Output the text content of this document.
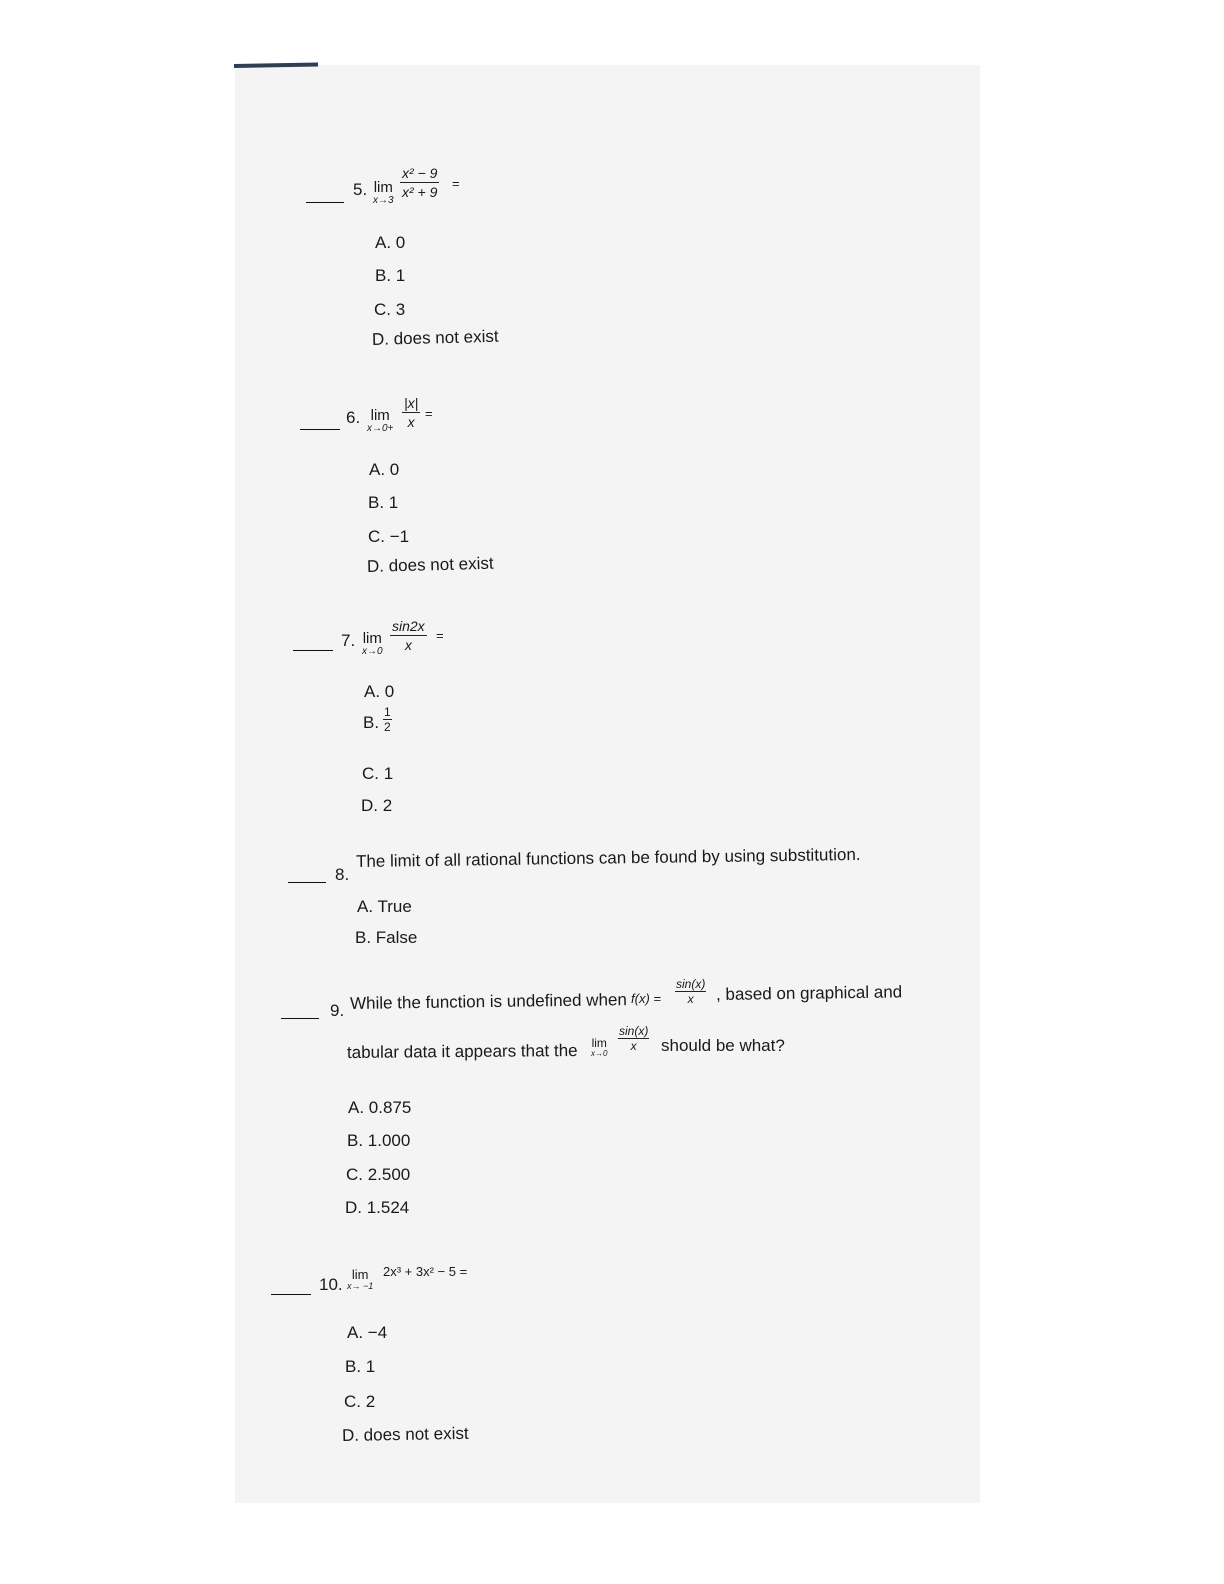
5. lim
x→3
$\frac{\text{x² − 9}}{\text{x² + 9}}$ =
A. 0
B. 1
C. 3
D. does not exist
6. lim
$x\to 0+ \frac{|x|}{x}$ =
A. 0
B. 1
C. −1
D. does not exist
7. lim
$x\to 0 \frac{\sin 2x}{x}$ =
A. 0
B. $\frac{1}{2}$
C. 1
D. 2
8.
The limit of all rational functions can be found by using substitution.
A. True
B. False
9. While the function is undefined when $f(x) = \frac{\sin(x)}{x}$ , based on graphical and
tabular data it appears that the lim
x→0
$\frac{\sin(x)}{x}$ should be what?
A. 0.875
B. 1.000
C. 2.500
D. 1.524
10.
lim
x→ −1
2x³ + 3x² − 5 =
A. −4
B. 1
C. 2
D. does not exist
